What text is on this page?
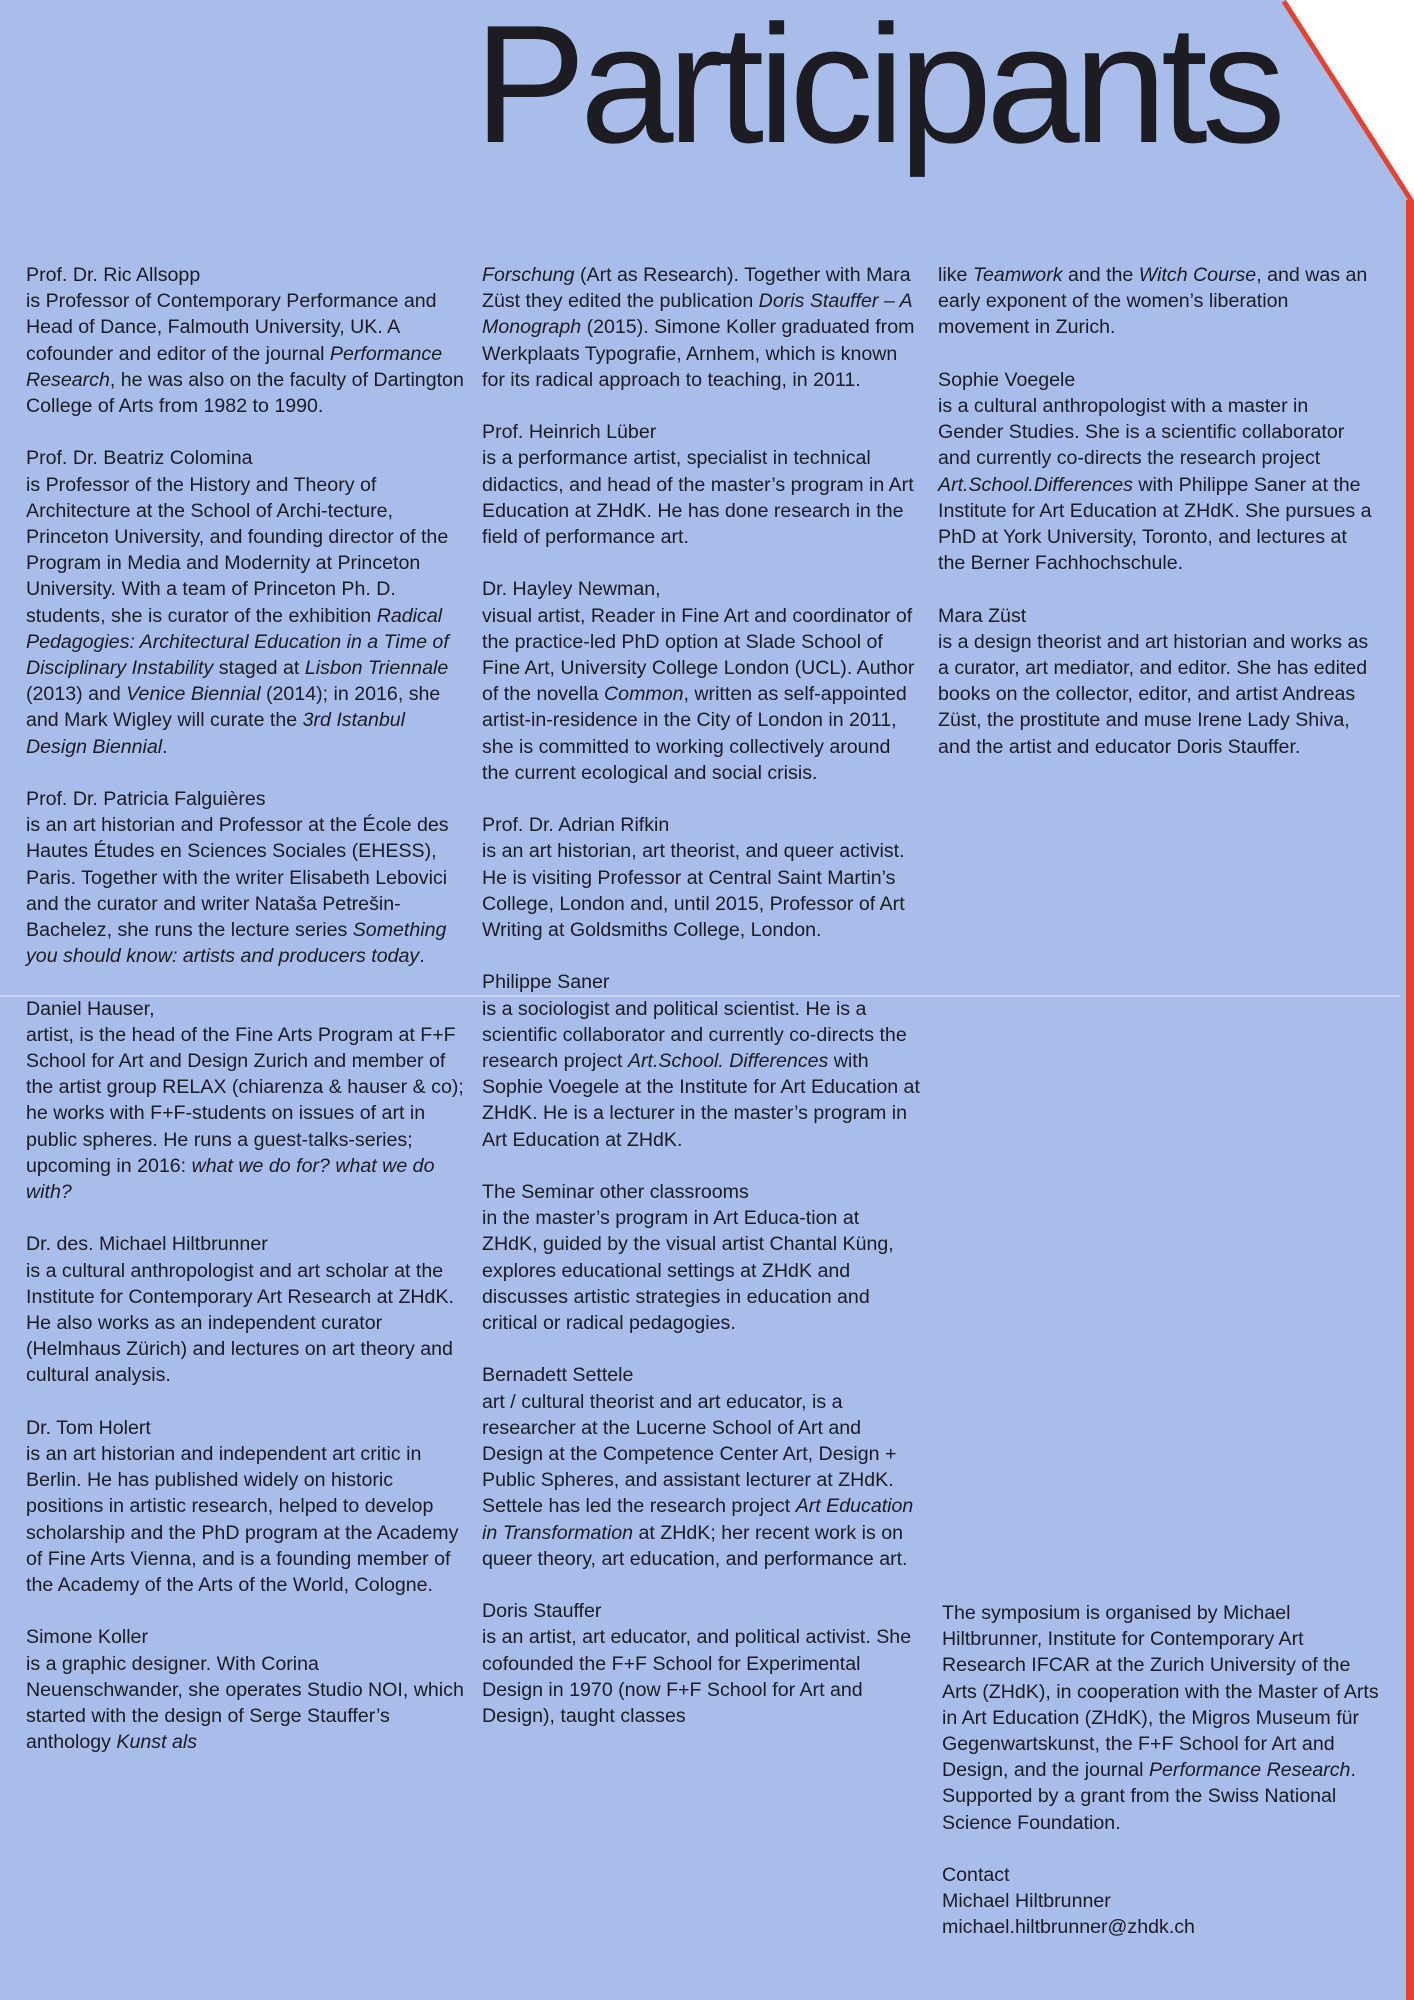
Participants
Prof. Dr. Ric Allsopp
is Professor of Contemporary Performance and Head of Dance, Falmouth University, UK. A cofounder and editor of the journal Performance Research, he was also on the faculty of Dartington College of Arts from 1982 to 1990.
Prof. Dr. Beatriz Colomina
is Professor of the History and Theory of Architecture at the School of Archi-tecture, Princeton University, and founding director of the Program in Media and Modernity at Princeton University. With a team of Princeton Ph. D. students, she is curator of the exhibition Radical Pedagogies: Architectural Education in a Time of Disciplinary Instability staged at Lisbon Triennale (2013) and Venice Biennial (2014); in 2016, she and Mark Wigley will curate the 3rd Istanbul Design Biennial.
Prof. Dr. Patricia Falguières
is an art historian and Professor at the École des Hautes Études en Sciences Sociales (EHESS), Paris. Together with the writer Elisabeth Lebovici and the curator and writer Nataša Petrešin-Bachelez, she runs the lecture series Something you should know: artists and producers today.
Daniel Hauser,
artist, is the head of the Fine Arts Program at F+F School for Art and Design Zurich and member of the artist group RELAX (chiarenza & hauser & co); he works with F+F-students on issues of art in public spheres. He runs a guest-talks-series; upcoming in 2016: what we do for? what we do with?
Dr. des. Michael Hiltbrunner
is a cultural anthropologist and art scholar at the Institute for Contemporary Art Research at ZHdK. He also works as an independent curator (Helmhaus Zürich) and lectures on art theory and cultural analysis.
Dr. Tom Holert
is an art historian and independent art critic in Berlin. He has published widely on historic positions in artistic research, helped to develop scholarship and the PhD program at the Academy of Fine Arts Vienna, and is a founding member of the Academy of the Arts of the World, Cologne.
Simone Koller
is a graphic designer. With Corina Neuenschwander, she operates Studio NOI, which started with the design of Serge Stauffer’s anthology Kunst als
Forschung (Art as Research). Together with Mara Züst they edited the publication Doris Stauffer – A Monograph (2015). Simone Koller graduated from Werkplaats Typografie, Arnhem, which is known for its radical approach to teaching, in 2011.
Prof. Heinrich Lüber
is a performance artist, specialist in technical didactics, and head of the master’s program in Art Education at ZHdK. He has done research in the field of performance art.
Dr. Hayley Newman,
visual artist, Reader in Fine Art and coordinator of the practice-led PhD option at Slade School of Fine Art, University College London (UCL). Author of the novella Common, written as self-appointed artist-in-residence in the City of London in 2011, she is committed to working collectively around the current ecological and social crisis.
Prof. Dr. Adrian Rifkin
is an art historian, art theorist, and queer activist. He is visiting Professor at Central Saint Martin’s College, London and, until 2015, Professor of Art Writing at Goldsmiths College, London.
Philippe Saner
is a sociologist and political scientist. He is a scientific collaborator and currently co-directs the research project Art.School. Differences with Sophie Voegele at the Institute for Art Education at ZHdK. He is a lecturer in the master’s program in Art Education at ZHdK.
The Seminar other classrooms
in the master’s program in Art Educa-tion at ZHdK, guided by the visual artist Chantal Küng, explores educational settings at ZHdK and discusses artistic strategies in education and critical or radical pedagogies.
Bernadett Settele
art / cultural theorist and art educator, is a researcher at the Lucerne School of Art and Design at the Competence Center Art, Design + Public Spheres, and assistant lecturer at ZHdK. Settele has led the research project Art Education in Transformation at ZHdK; her recent work is on queer theory, art education, and performance art.
Doris Stauffer
is an artist, art educator, and political activist. She cofounded the F+F School for Experimental Design in 1970 (now F+F School for Art and Design), taught classes
like Teamwork and the Witch Course, and was an early exponent of the women’s liberation movement in Zurich.
Sophie Voegele
is a cultural anthropologist with a master in Gender Studies. She is a scientific collaborator and currently co-directs the research project Art.School.Differences with Philippe Saner at the Institute for Art Education at ZHdK. She pursues a PhD at York University, Toronto, and lectures at the Berner Fachhochschule.
Mara Züst
is a design theorist and art historian and works as a curator, art mediator, and editor. She has edited books on the collector, editor, and artist Andreas Züst, the prostitute and muse Irene Lady Shiva, and the artist and educator Doris Stauffer.
The symposium is organised by Michael Hiltbrunner, Institute for Contemporary Art Research IFCAR at the Zurich University of the Arts (ZHdK), in cooperation with the Master of Arts in Art Education (ZHdK), the Migros Museum für Gegenwartskunst, the F+F School for Art and Design, and the journal Performance Research. Supported by a grant from the Swiss National Science Foundation.
Contact
Michael Hiltbrunner
michael.hiltbrunner@zhdk.ch
